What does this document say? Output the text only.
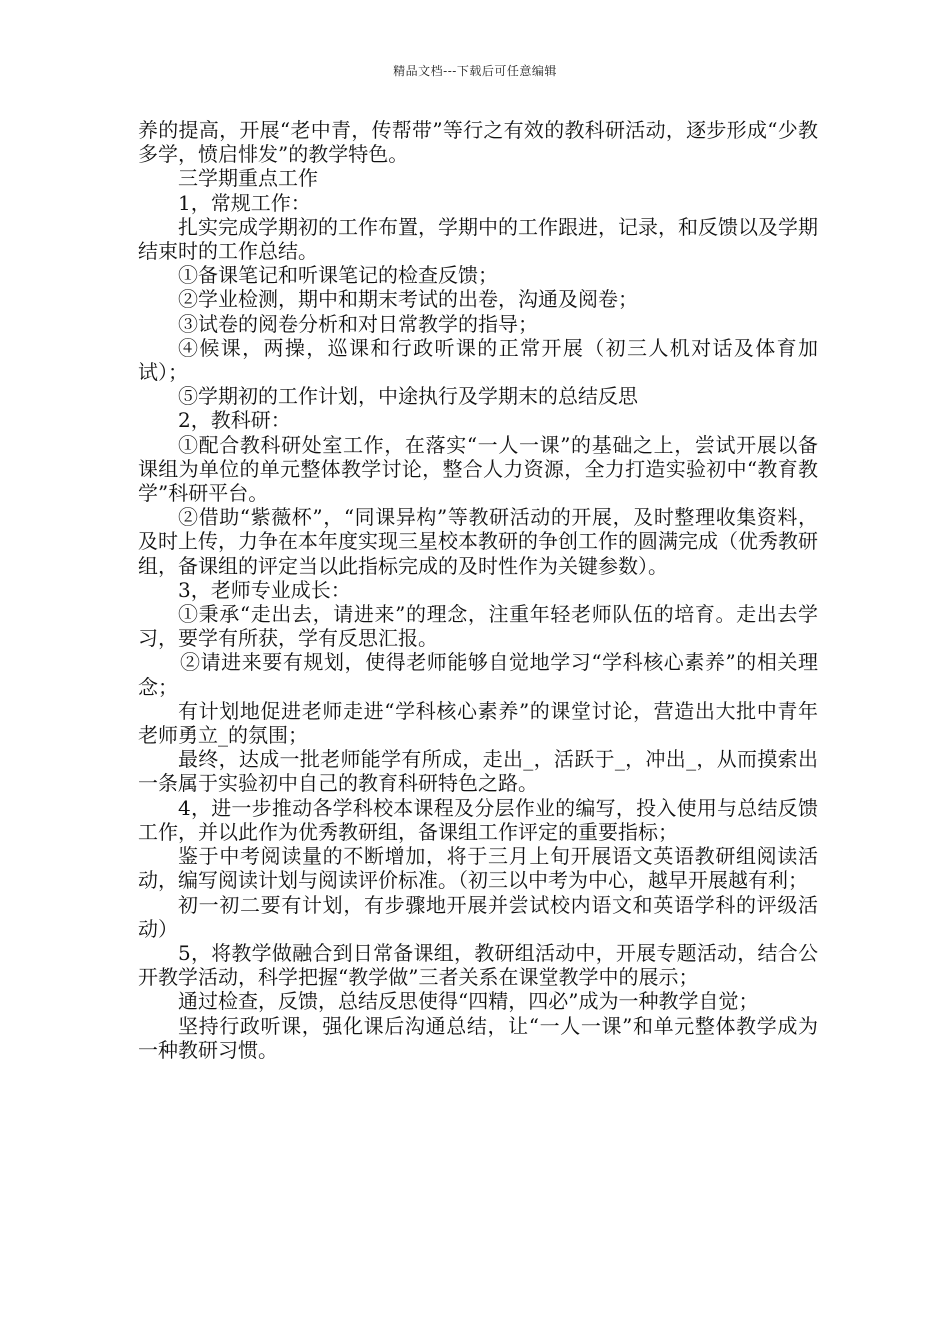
精品文档---下载后可任意编辑

养的提高，开展“老中青，传帮带”等行之有效的教科研活动，逐步形成“少教多学，愤启悱发”的教学特色。

三学期重点工作

1，常规工作：

扎实完成学期初的工作布置，学期中的工作跟进，记录，和反馈以及学期结束时的工作总结。

①备课笔记和听课笔记的检查反馈；

②学业检测，期中和期末考试的出卷，沟通及阅卷；

③试卷的阅卷分析和对日常教学的指导；

④候课，两操，巡课和行政听课的正常开展（初三人机对话及体育加试）；

⑤学期初的工作计划，中途执行及学期末的总结反思

2，教科研：

①配合教科研处室工作，在落实“一人一课”的基础之上，尝试开展以备课组为单位的单元整体教学讨论，整合人力资源，全力打造实验初中“教育教学”科研平台。

②借助“紫薇杯”，“同课异构”等教研活动的开展，及时整理收集资料，及时上传，力争在本年度实现三星校本教研的争创工作的圆满完成（优秀教研组，备课组的评定当以此指标完成的及时性作为关键参数）。

3，老师专业成长：

①秉承“走出去，请进来”的理念，注重年轻老师队伍的培育。走出去学习，要学有所获，学有反思汇报。

②请进来要有规划，使得老师能够自觉地学习“学科核心素养”的相关理念；

有计划地促进老师走进“学科核心素养”的课堂讨论，营造出大批中青年老师勇立_的氛围；

最终，达成一批老师能学有所成，走出_，活跃于_，冲出_，从而摸索出一条属于实验初中自己的教育科研特色之路。

4，进一步推动各学科校本课程及分层作业的编写，投入使用与总结反馈工作，并以此作为优秀教研组，备课组工作评定的重要指标；

鉴于中考阅读量的不断增加，将于三月上旬开展语文英语教研组阅读活动，编写阅读计划与阅读评价标准。（初三以中考为中心，越早开展越有利；

初一初二要有计划，有步骤地开展并尝试校内语文和英语学科的评级活动）

5，将教学做融合到日常备课组，教研组活动中，开展专题活动，结合公开教学活动，科学把握“教学做”三者关系在课堂教学中的展示；

通过检查，反馈，总结反思使得“四精，四必”成为一种教学自觉；

坚持行政听课，强化课后沟通总结，让“一人一课”和单元整体教学成为一种教研习惯。
